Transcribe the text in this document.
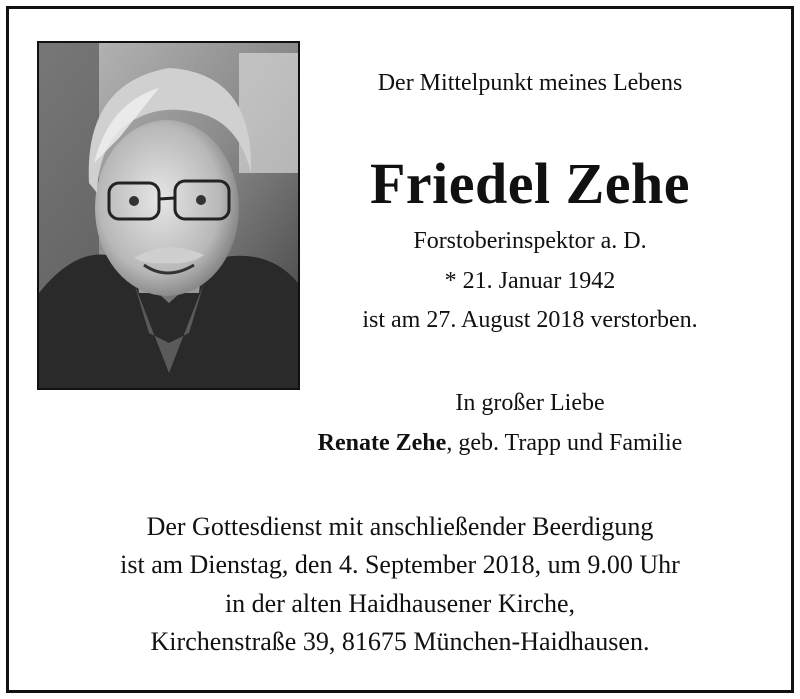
Der Mittelpunkt meines Lebens
Friedel Zehe
Forstoberinspektor a. D.
* 21. Januar 1942
ist am 27. August 2018 verstorben.
In großer Liebe
Renate Zehe, geb. Trapp und Familie
Der Gottesdienst mit anschließender Beerdigung
ist am Dienstag, den 4. September 2018, um 9.00 Uhr
in der alten Haidhausener Kirche,
Kirchenstraße 39, 81675 München-Haidhausen.
